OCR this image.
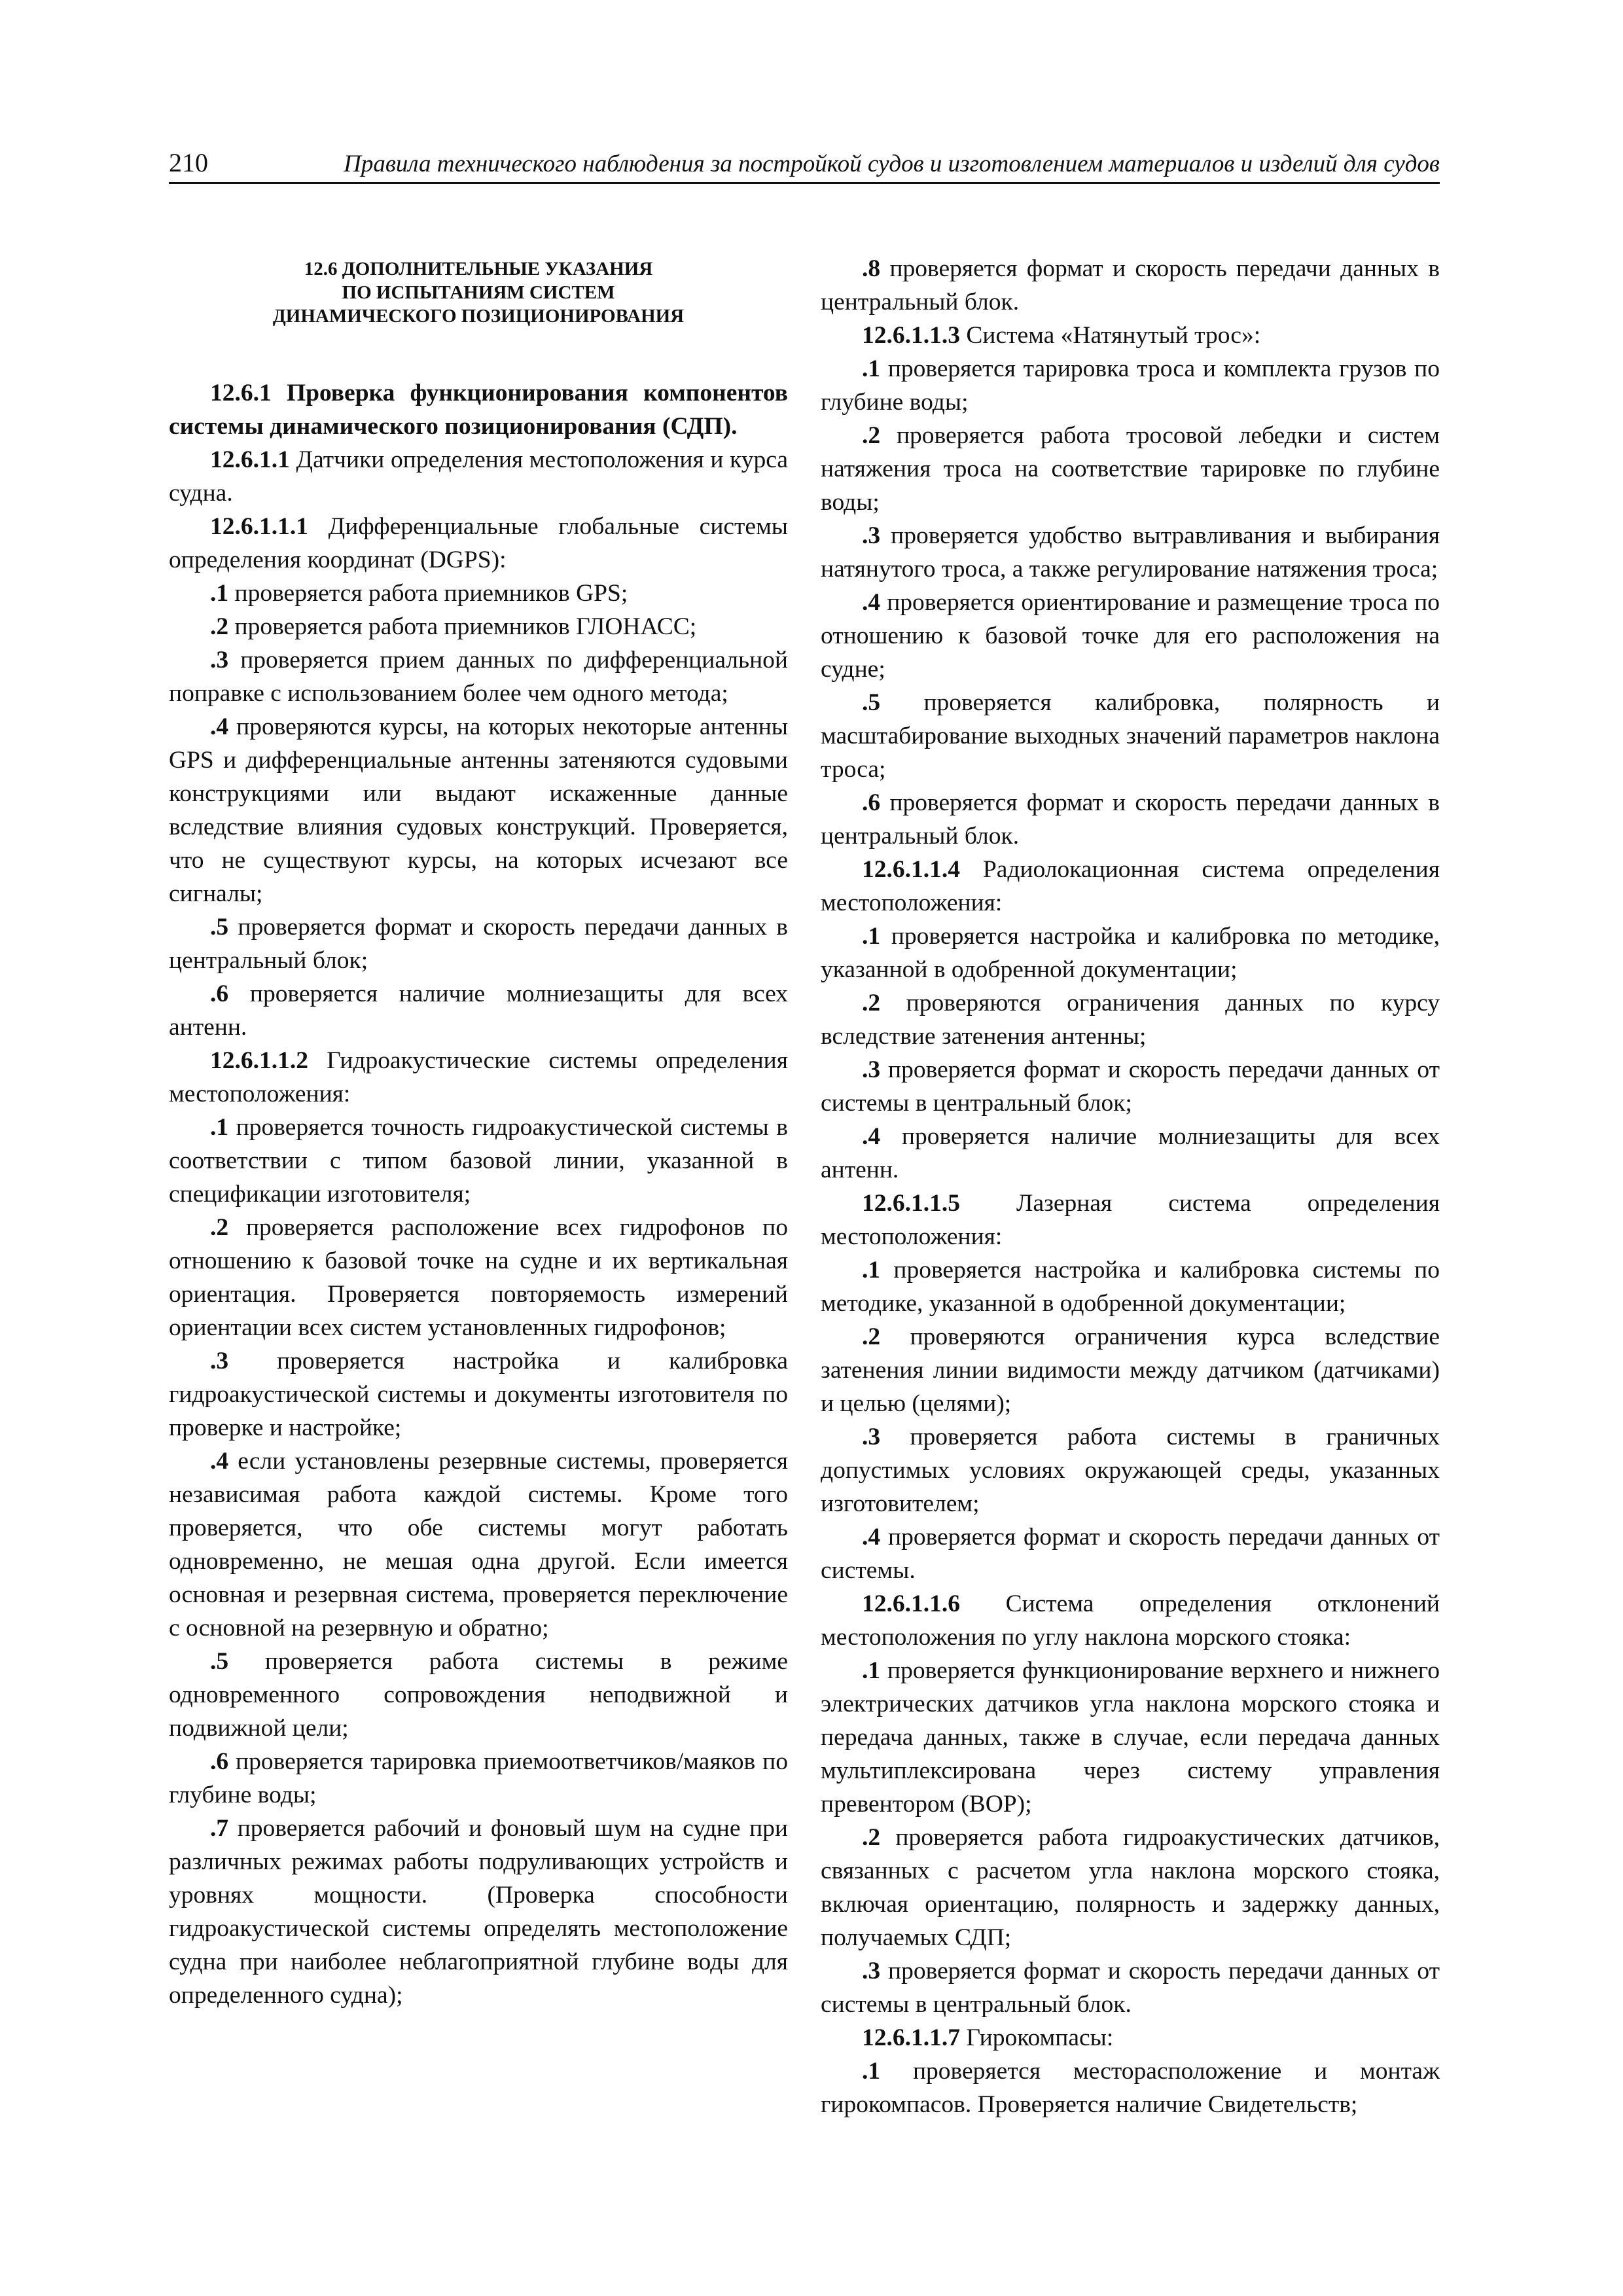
210	Правила технического наблюдения за постройкой судов и изготовлением материалов и изделий для судов
12.6 ДОПОЛНИТЕЛЬНЫЕ УКАЗАНИЯ
ПО ИСПЫТАНИЯМ СИСТЕМ
ДИНАМИЧЕСКОГО ПОЗИЦИОНИРОВАНИЯ

12.6.1 Проверка функционирования компонентов системы динамического позиционирования (СДП).

12.6.1.1 Датчики определения местоположения и курса судна.

12.6.1.1.1 Дифференциальные глобальные системы определения координат (DGPS):

.1 проверяется работа приемников GPS;

.2 проверяется работа приемников ГЛОНАСС;

.3 проверяется прием данных по дифференциальной поправке с использованием более чем одного метода;

.4 проверяются курсы, на которых некоторые антенны GPS и дифференциальные антенны затеняются судовыми конструкциями или выдают искаженные данные вследствие влияния судовых конструкций. Проверяется, что не существуют курсы, на которых исчезают все сигналы;

.5 проверяется формат и скорость передачи данных в центральный блок;

.6 проверяется наличие молниезащиты для всех антенн.

12.6.1.1.2 Гидроакустические системы определения местоположения:

.1 проверяется точность гидроакустической системы в соответствии с типом базовой линии, указанной в спецификации изготовителя;

.2 проверяется расположение всех гидрофонов по отношению к базовой точке на судне и их вертикальная ориентация. Проверяется повторяемость измерений ориентации всех систем установленных гидрофонов;

.3 проверяется настройка и калибровка гидроакустической системы и документы изготовителя по проверке и настройке;

.4 если установлены резервные системы, проверяется независимая работа каждой системы. Кроме того проверяется, что обе системы могут работать одновременно, не мешая одна другой. Если имеется основная и резервная система, проверяется переключение с основной на резервную и обратно;

.5 проверяется работа системы в режиме одновременного сопровождения неподвижной и подвижной цели;

.6 проверяется тарировка приемоответчиков/маяков по глубине воды;

.7 проверяется рабочий и фоновый шум на судне при различных режимах работы подруливающих устройств и уровнях мощности. (Проверка способности гидроакустической системы определять местоположение судна при наиболее неблагоприятной глубине воды для определенного судна);

.8 проверяется формат и скорость передачи данных в центральный блок.

12.6.1.1.3 Система «Натянутый трос»:

.1 проверяется тарировка троса и комплекта грузов по глубине воды;

.2 проверяется работа тросовой лебедки и систем натяжения троса на соответствие тарировке по глубине воды;

.3 проверяется удобство вытравливания и выбирания натянутого троса, а также регулирование натяжения троса;

.4 проверяется ориентирование и размещение троса по отношению к базовой точке для его расположения на судне;

.5 проверяется калибровка, полярность и масштабирование выходных значений параметров наклона троса;

.6 проверяется формат и скорость передачи данных в центральный блок.

12.6.1.1.4 Радиолокационная система определения местоположения:

.1 проверяется настройка и калибровка по методике, указанной в одобренной документации;

.2 проверяются ограничения данных по курсу вследствие затенения антенны;

.3 проверяется формат и скорость передачи данных от системы в центральный блок;

.4 проверяется наличие молниезащиты для всех антенн.

12.6.1.1.5 Лазерная система определения местоположения:

.1 проверяется настройка и калибровка системы по методике, указанной в одобренной документации;

.2 проверяются ограничения курса вследствие затенения линии видимости между датчиком (датчиками) и целью (целями);

.3 проверяется работа системы в граничных допустимых условиях окружающей среды, указанных изготовителем;

.4 проверяется формат и скорость передачи данных от системы.

12.6.1.1.6 Система определения отклонений местоположения по углу наклона морского стояка:

.1 проверяется функционирование верхнего и нижнего электрических датчиков угла наклона морского стояка и передача данных, также в случае, если передача данных мультиплексирована через систему управления превентором (ВОР);

.2 проверяется работа гидроакустических датчиков, связанных с расчетом угла наклона морского стояка, включая ориентацию, полярность и задержку данных, получаемых СДП;

.3 проверяется формат и скорость передачи данных от системы в центральный блок.

12.6.1.1.7 Гирокомпасы:

.1 проверяется месторасположение и монтаж гирокомпасов. Проверяется наличие Свидетельств;
